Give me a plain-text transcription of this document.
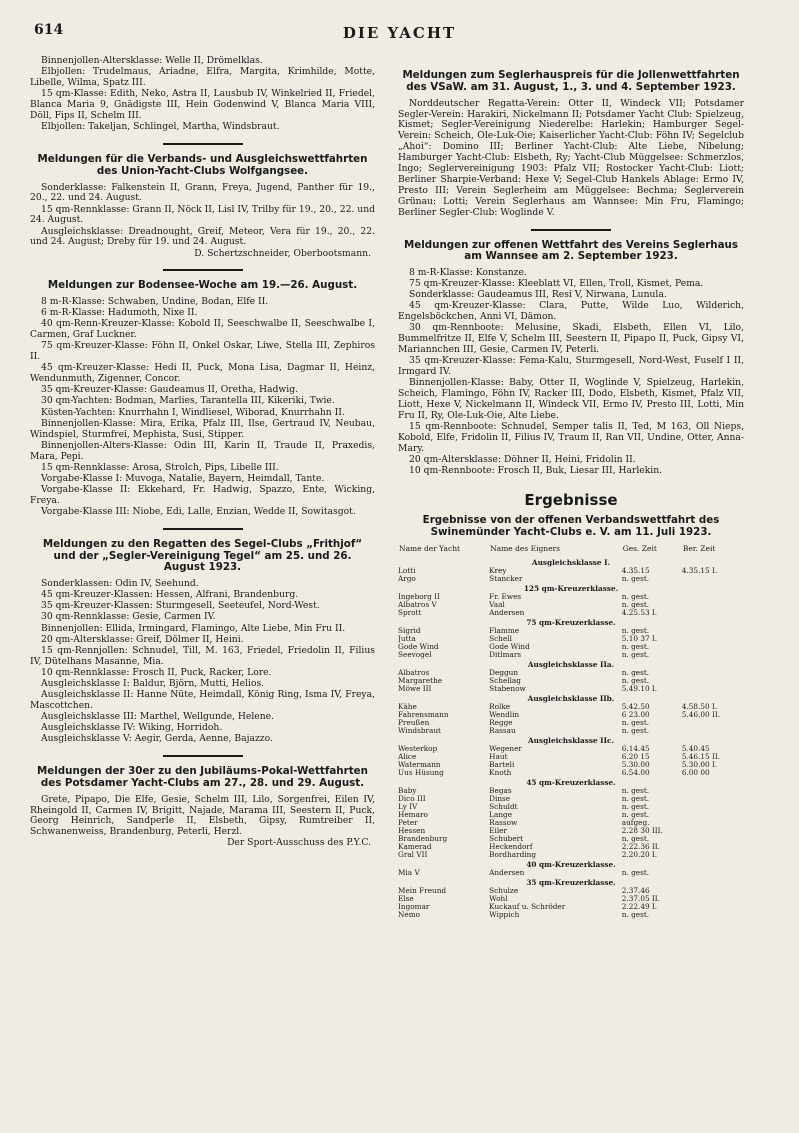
614	DIE YACHT

Binnenjollen-Altersklasse: Welle II, Drömelklas.

Elbjollen: Trudelmaus, Ariadne, Elfra, Margita, Krimhilde, Motte, Libelle, Wilma, Spatz III.

15 qm-Klasse: Edith, Neko, Astra II, Lausbub IV, Winkelried II, Friedel, Blanca Maria 9, Gnädigste III, Hein Godenwind V, Blanca Maria VIII, Döll, Fips II, Schelm III.

Elbjollen: Takeljan, Schlingel, Martha, Windsbraut.

Meldungen für die Verbands- und Ausgleichswettfahrten des Union-Yacht-Clubs Wolfgangsee.

Sonderklasse: Falkenstein II, Grann, Freya, Jugend, Panther für 19., 20., 22. und 24. August.

15 qm-Rennklasse: Grann II, Nöck II, Lisl IV, Trilby für 19., 20., 22. und 24. August.

Ausgleichsklasse: Dreadnought, Greif, Meteor, Vera für 19., 20., 22. und 24. August; Dreby für 19. und 24. August.

D. Schertzschneider, Oberbootsmann.

Meldungen zur Bodensee-Woche am 19.—26. August.

8 m-R-Klasse: Schwaben, Undine, Bodan, Elfe II.

6 m-R-Klasse: Hadumoth, Nixe II.

40 qm-Renn-Kreuzer-Klasse: Kobold II, Seeschwalbe II, Seeschwalbe I, Carmen, Graf Luckner.

75 qm-Kreuzer-Klasse: Föhn II, Onkel Oskar, Liwe, Stella III, Zephiros II.

45 qm-Kreuzer-Klasse: Hedi II, Puck, Mona Lisa, Dagmar II, Heinz, Wendunmuth, Zigenner, Concor.

35 qm-Kreuzer-Klasse: Gaudeamus II, Oretha, Hadwig.

30 qm-Yachten: Bodman, Marlies, Tarantella III, Kikeriki, Twie.

Küsten-Yachten: Knurrhahn I, Windliesel, Wiborad, Knurrhahn II.

Binnenjollen-Klasse: Mira, Erika, Pfalz III, Ilse, Gertraud IV, Neubau, Windspiel, Sturmfrei, Mephista, Susi, Stipper.

Binnenjollen-Alters-Klasse: Odin III, Karin II, Traude II, Praxedis, Mara, Pepi.

15 qm-Rennklasse: Arosa, Strolch, Pips, Libelle III.

Vorgabe-Klasse I: Muvoga, Natalie, Bayern, Heimdall, Tante.

Vorgabe-Klasse II: Ekkehard, Fr. Hadwig, Spazzo, Ente, Wicking, Freya.

Vorgabe-Klasse III: Niobe, Edi, Lalle, Enzian, Wedde II, Sowitasgot.

Meldungen zu den Regatten des Segel-Clubs „Frithjof“ und der „Segler-Vereinigung Tegel“ am 25. und 26. August 1923.

Sonderklassen: Odin IV, Seehund.

45 qm-Kreuzer-Klassen: Hessen, Alfrani, Brandenburg.

35 qm-Kreuzer-Klassen: Sturmgesell, Seeteufel, Nord-West.

30 qm-Rennklasse: Gesie, Carmen IV.

Binnenjollen: Ellida, Irmingard, Flamingo, Alte Liebe, Min Fru II.

20 qm-Altersklasse: Greif, Dölmer II, Heini.

15 qm-Rennjollen: Schnudel, Till, M. 163, Friedel, Friedolin II, Filius IV, Dütelhans Masanne, Mia.

10 qm-Rennklasse: Frosch II, Puck, Racker, Lore.

Ausgleichsklasse I: Baldur, Björn, Mutti, Helios.

Ausgleichsklasse II: Hanne Nüte, Heimdall, König Ring, Isma IV, Freya, Mascottchen.

Ausgleichsklasse III: Marthel, Wellgunde, Helene.

Ausgleichsklasse IV: Wiking, Horridoh.

Ausgleichsklasse V: Aegir, Gerda, Aenne, Bajazzo.

Meldungen der 30er zu den Jubiläums-Pokal-Wettfahrten des Potsdamer Yacht-Clubs am 27., 28. und 29. August.

Grete, Pipapo, Die Elfe, Gesie, Schelm III, Lilo, Sorgenfrei, Eilen IV, Rheingold II, Carmen IV, Brigitt, Najade, Marama III, Seestern II, Puck, Georg Heinrich, Sandperle II, Elsbeth, Gipsy, Rumtreiber II, Schwanenweiss, Brandenburg, Peterli, Herzl.

Der Sport-Ausschuss des P.Y.C.

Meldungen zum Seglerhauspreis für die Jollenwettfahrten des VSaW. am 31. August, 1., 3. und 4. September 1923.

Norddeutscher Regatta-Verein: Otter II, Windeck VII; Potsdamer Segler-Verein: Harakiri, Nickelmann II; Potsdamer Yacht Club: Spielzeug, Kismet; Segler-Vereinigung Niederelbe: Harlekin; Hamburger Segel-Verein: Scheich, Ole-Luk-Oie; Kaiserlicher Yacht-Club: Föhn IV; Segelclub „Ahoi“: Domino III; Berliner Yacht-Club: Alte Liebe, Nibelung; Hamburger Yacht-Club: Elsbeth, Ry; Yacht-Club Müggelsee: Schmerzlos, Ingo; Seglervereinigung 1903: Pfalz VII; Rostocker Yacht-Club: Liott; Berliner Sharpie-Verband: Hexe V; Segel-Club Hankels Ablage: Ermo IV, Presto III; Verein Seglerheim am Müggelsee: Bechma; Seglerverein Grünau: Lotti; Verein Seglerhaus am Wannsee: Min Fru, Flamingo; Berliner Segler-Club: Woglinde V.

Meldungen zur offenen Wettfahrt des Vereins Seglerhaus am Wannsee am 2. September 1923.

8 m-R-Klasse: Konstanze.

75 qm-Kreuzer-Klasse: Kleeblatt VI, Ellen, Troll, Kismet, Pema.

Sonderklasse: Gaudeamus III, Resi V, Nirwana, Lunula.

45 qm-Kreuzer-Klasse: Clara, Putte, Wilde Luo, Wilderich, Engelsböckchen, Anni VI, Dämon.

30 qm-Rennboote: Melusine, Skadi, Elsbeth, Ellen VI, Lilo, Bummelfritze II, Elfe V, Schelm III, Seestern II, Pipapo II, Puck, Gipsy VI, Mariannchen III, Gesie, Carmen IV, Peterli.

35 qm-Kreuzer-Klasse: Fema-Kalu, Sturmgesell, Nord-West, Fuself I II, Irmgard IV.

Binnenjollen-Klasse: Baby, Otter II, Woglinde V, Spielzeug, Harlekin, Scheich, Flamingo, Föhn IV, Racker III, Dodo, Elsbeth, Kismet, Pfalz VII, Liott, Hexe V, Nickelmann II, Windeck VII, Ermo IV, Presto III, Lotti, Min Fru II, Ry, Ole-Luk-Oie, Alte Liebe.

15 qm-Rennboote: Schnudel, Semper talis II, Ted, M 163, Oll Nieps, Kobold, Elfe, Fridolin II, Filius IV, Traum II, Ran VII, Undine, Otter, Anna-Mary.

20 qm-Altersklasse: Döhner II, Heini, Fridolin II.

10 qm-Rennboote: Frosch II, Buk, Liesar III, Harlekin.

Ergebnisse
Ergebnisse von der offenen Verbandswettfahrt des Swinemünder Yacht-Clubs e. V. am 11. Juli 1923.
Name der Yacht	Name des Eigners	Ges. Zeit	Ber. Zeit
Ausgleichsklasse I.			
Lotti	Krey	4.35.15	4.35.15 I.
Argo	Stancker	n. gest.	
125 qm-Kreuzerklasse.			
Ingeborg II	Fr. Ewes	n. gest.	
Albatros V	Vaal	n. gest.	
Sprott	Andersen	4.25.53 I.	
75 qm-Kreuzerklasse.			
Sigrid	Flamme	n. gest.	
Jutta	Schell	5.10 37 I.	
Gode Wind	Gode Wind	n. gest.	
Seevogel	Ditlmars	n. gest.	
Ausgleichsklasse IIa.			
Albatros	Deggun	n. gest.	
Margarethe	Schellag	n. gest.	
Möwe III	Stabenow	5.49.10 I.	
Ausgleichsklasse IIb.			
Kähe	Rolke	5.42.50	4.58.50 I.
Fahrensmann	Wendlin	6 23.00	5.46.00 II.
Preußen	Regge	n. gest.	
Windsbraut	Rassau	n. gest.	
Ausgleichsklasse IIc.			
Westerkop	Wegener	6.14.45	5.40.45
Alice	Haut	6.20 15	5.46.15 II.
Watermann	Barteli	5.30.00	5.30.00 I.
Uus Hüsung	Knoth	6.54.00	6.00 00
45 qm-Kreuzerklasse.			
Baby	Begas	n. gest.	
Dico III	Dinse	n. gest.	
Ly IV	Schuldt	n. gest.	
Hemaro	Lange	n. gest.	
Peter	Rassow	aufgeg.	
Hessen	Eiler	2.28 30 III.	
Brandenburg	Schubert	n. gest.	
Kamerad	Heckendorf	2.22.36 II.	
Gral VII	Bordharding	2.20.20 I.	
40 qm-Kreuzerklasse.			
Mia V	Andersen	n. gest.	
35 qm-Kreuzerklasse.			
Mein Freund	Schulze	2.37.46	
Else	Wohl	2.37.05 II.	
Ingomar	Kuckauf u. Schröder	2.22.49 I.	
Nemo	Wippich	n. gest.	
